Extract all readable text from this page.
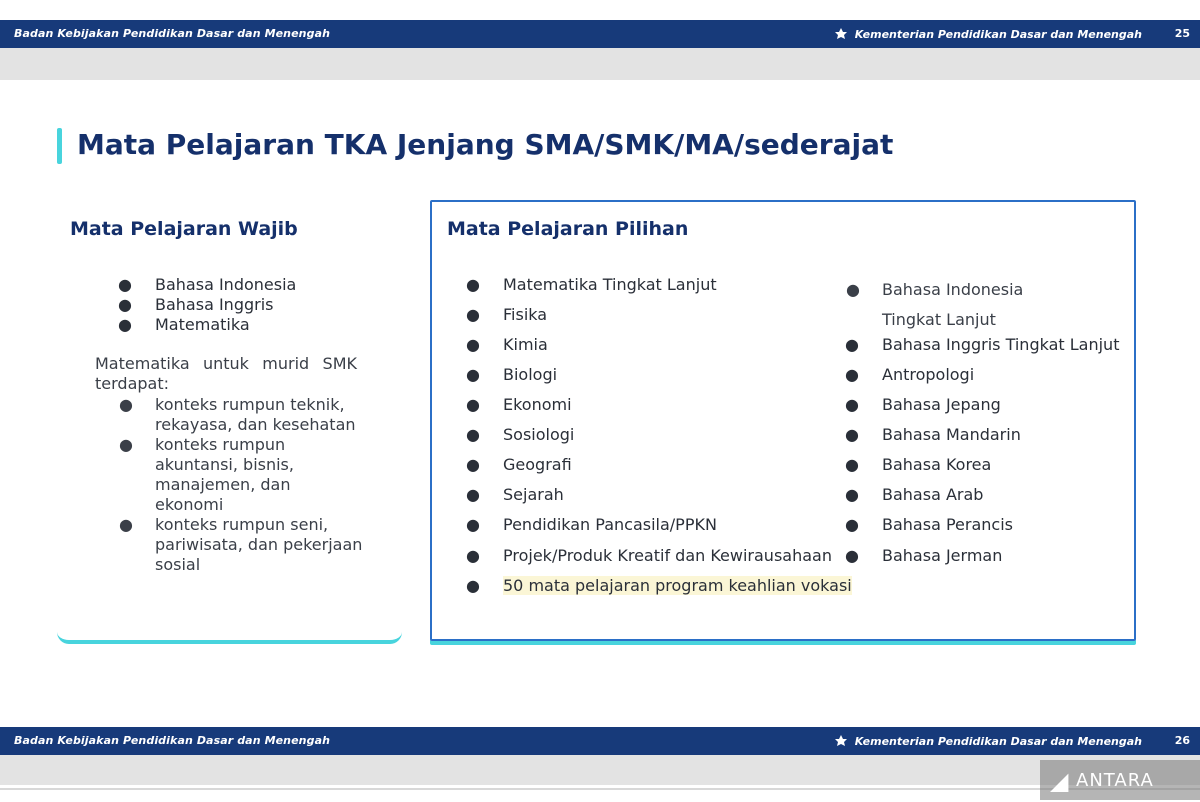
Badan Kebijakan Pendidikan Dasar dan Menengah	Kementerian Pendidikan Dasar dan Menengah	25
Mata Pelajaran TKA Jenjang SMA/SMK/MA/sederajat
Mata Pelajaran Wajib
● Bahasa Indonesia
● Bahasa Inggris
● Matematika
Matematika untuk murid SMK terdapat:
● konteks rumpun teknik, rekayasa, dan kesehatan
● konteks rumpun akuntansi, bisnis, manajemen, dan ekonomi
● konteks rumpun seni, pariwisata, dan pekerjaan sosial
Mata Pelajaran Pilihan
● Matematika Tingkat Lanjut
● Fisika
● Kimia
● Biologi
● Ekonomi
● Sosiologi
● Geografi
● Sejarah
● Pendidikan Pancasila/PPKN
● Projek/Produk Kreatif dan Kewirausahaan
● 50 mata pelajaran program keahlian vokasi
● Bahasa Indonesia Tingkat Lanjut
● Bahasa Inggris Tingkat Lanjut
● Antropologi
● Bahasa Jepang
● Bahasa Mandarin
● Bahasa Korea
● Bahasa Arab
● Bahasa Perancis
● Bahasa Jerman
Badan Kebijakan Pendidikan Dasar dan Menengah	Kementerian Pendidikan Dasar dan Menengah	26
◢ ANTARA
